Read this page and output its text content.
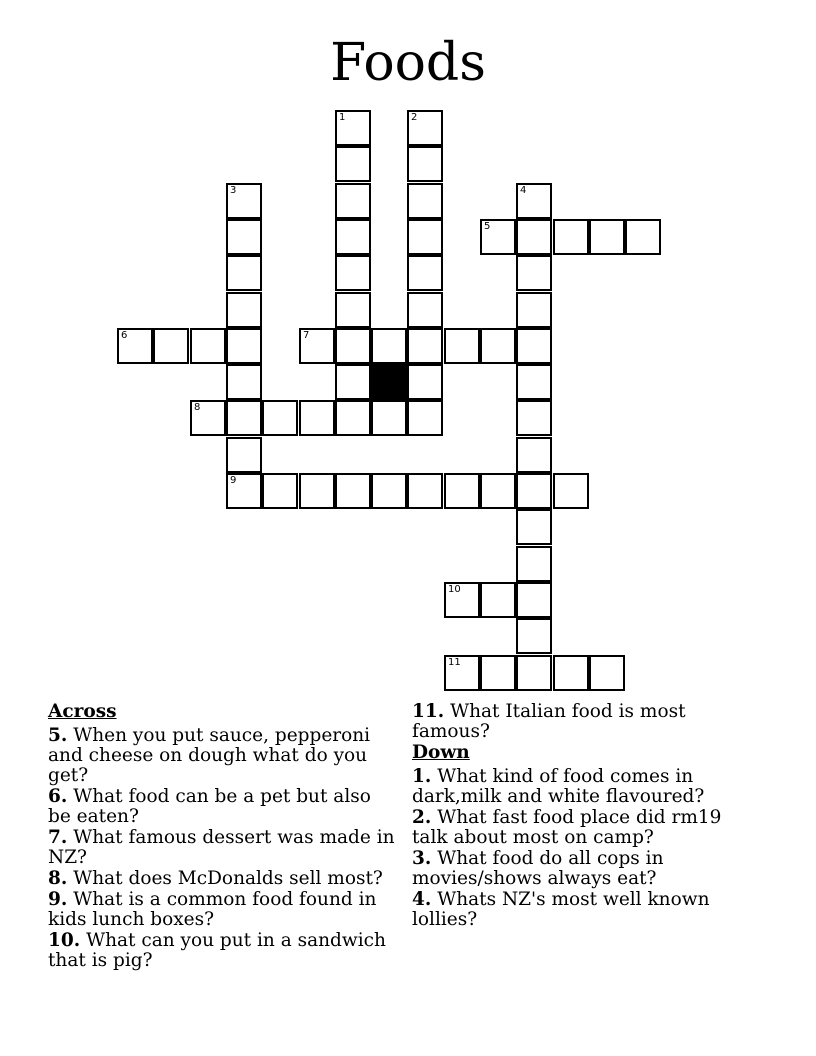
Foods
1	2
3
9
4
5
6	7
8
10
11
Across
5. When you put sauce, pepperoni and cheese on dough what do you get?
6. What food can be a pet but also be eaten?
7. What famous dessert was made in NZ?
8. What does McDonalds sell most?
9. What is a common food found in kids lunch boxes?
10. What can you put in a sandwich that is pig?
11. What Italian food is most famous?
Down
1. What kind of food comes in dark,milk and white flavoured?
2. What fast food place did rm19 talk about most on camp?
3. What food do all cops in movies/shows always eat?
4. Whats NZ's most well known lollies?
